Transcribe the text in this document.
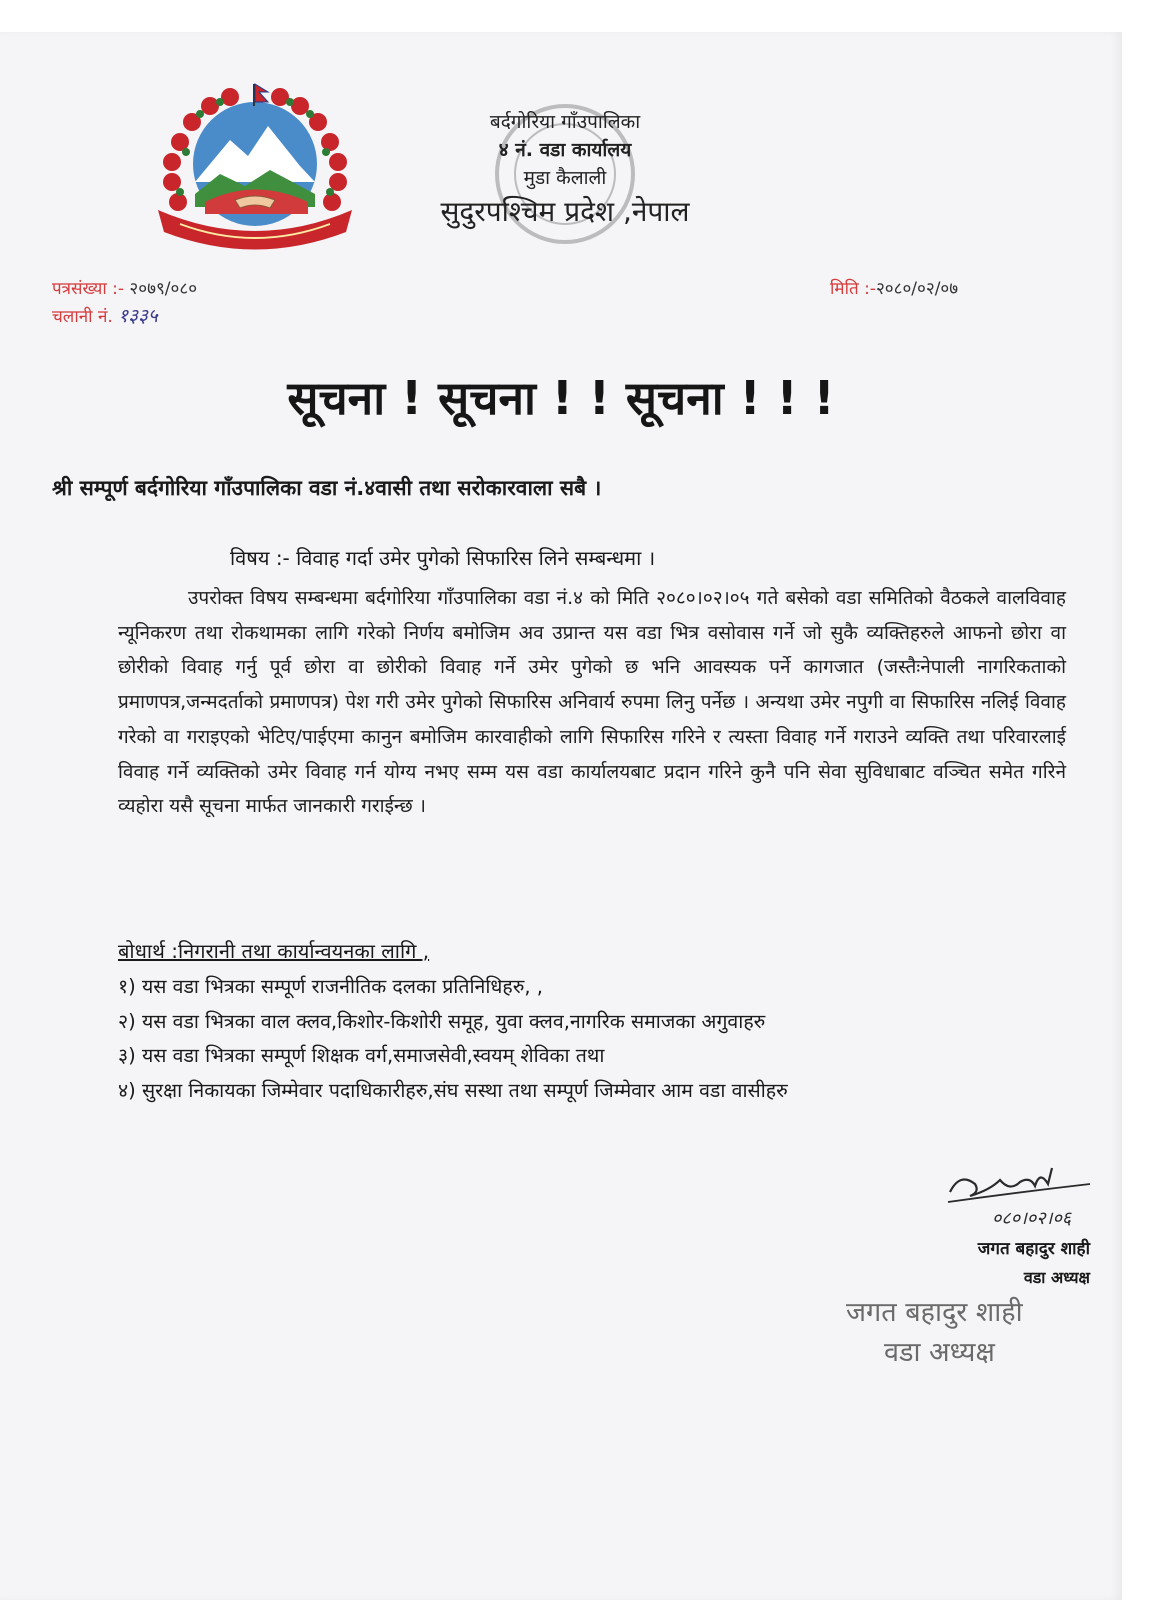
बर्दगोरिया गाँउपालिका
४ नं. वडा कार्यालय
मुडा कैलाली
सुदुरपश्चिम प्रदेश ,नेपाल
पत्रसंख्या :- २०७९/०८०
चलानी नं. १३३५
मिति :-२०८०/०२/०७
सूचना ! सूचना ! ! सूचना ! ! !
श्री सम्पूर्ण बर्दगोरिया गाँउपालिका वडा नं.४वासी तथा सरोकारवाला सबै ।
विषय :- विवाह गर्दा उमेर पुगेको सिफारिस लिने सम्बन्धमा ।
उपरोक्त विषय सम्बन्धमा बर्दगोरिया गाँउपालिका वडा नं.४ को मिति २०८०।०२।०५ गते बसेको वडा समितिको वैठकले वालविवाह न्यूनिकरण तथा रोकथामका लागि गरेको निर्णय बमोजिम अव उप्रान्त यस वडा भित्र वसोवास गर्ने जो सुकै व्यक्तिहरुले आफनो छोरा वा छोरीको विवाह गर्नु पूर्व छोरा वा छोरीको विवाह गर्ने उमेर पुगेको छ भनि आवस्यक पर्ने कागजात (जस्तैःनेपाली नागरिकताको प्रमाणपत्र,जन्मदर्ताको प्रमाणपत्र) पेश गरी उमेर पुगेको सिफारिस अनिवार्य रुपमा लिनु पर्नेछ । अन्यथा उमेर नपुगी वा सिफारिस नलिई विवाह गरेको वा गराइएको भेटिए/पाईएमा कानुन बमोजिम कारवाहीको लागि सिफारिस गरिने र त्यस्ता विवाह गर्ने गराउने व्यक्ति तथा परिवारलाई विवाह गर्ने व्यक्तिको उमेर विवाह गर्न योग्य नभए सम्म यस वडा कार्यालयबाट प्रदान गरिने कुनै पनि सेवा सुविधाबाट वञ्चित समेत गरिने व्यहोरा यसै सूचना मार्फत जानकारी गराईन्छ ।
बोधार्थ :निगरानी तथा कार्यान्वयनका लागि ,
१) यस वडा भित्रका सम्पूर्ण राजनीतिक दलका प्रतिनिधिहरु, ,
२) यस वडा भित्रका वाल क्लव,किशोर-किशोरी समूह, युवा क्लव,नागरिक समाजका अगुवाहरु
३) यस वडा भित्रका सम्पूर्ण शिक्षक वर्ग,समाजसेवी,स्वयम् शेविका तथा
४) सुरक्षा निकायका जिम्मेवार पदाधिकारीहरु,संघ सस्था तथा सम्पूर्ण जिम्मेवार आम वडा वासीहरु
०८०।०२।०६
जगत बहादुर शाही
वडा अध्यक्ष
जगत बहादुर शाही
वडा अध्यक्ष
